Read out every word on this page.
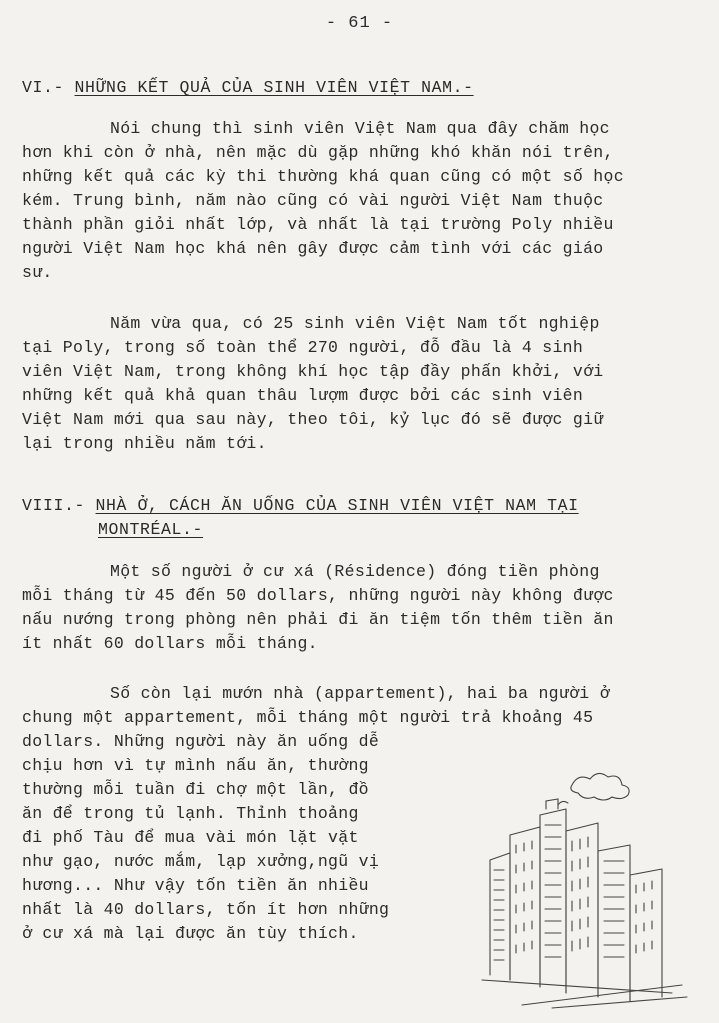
- 61 -
VI.- NHỮNG KẾT QUẢ CỦA SINH VIÊN VIỆT NAM.-
Nói chung thì sinh viên Việt Nam qua đây chăm học
hơn khi còn ở nhà, nên mặc dù gặp những khó khăn nói trên,
những kết quả các kỳ thi thường khá quan cũng có một số học
kém. Trung bình, năm nào cũng có vài người Việt Nam thuộc
thành phần giỏi nhất lớp, và nhất là tại trường Poly nhiều
người Việt Nam học khá nên gây được cảm tình với các giáo
sư.
Năm vừa qua, có 25 sinh viên Việt Nam tốt nghiệp
tại Poly, trong số toàn thể 270 người, đỗ đầu là 4 sinh
viên Việt Nam, trong không khí học tập đầy phấn khởi, với
những kết quả khả quan thâu lượm được bởi các sinh viên
Việt Nam mới qua sau này, theo tôi, kỷ lục đó sẽ được giữ
lại trong nhiều năm tới.
VIII.- NHÀ Ở, CÁCH ĂN UỐNG CỦA SINH VIÊN VIỆT NAM TẠI
MONTRÉAL.-
Một số người ở cư xá (Résidence) đóng tiền phòng
mỗi tháng từ 45 đến 50 dollars, những người này không được
nấu nướng trong phòng nên phải đi ăn tiệm tốn thêm tiền ăn
ít nhất 60 dollars mỗi tháng.
Số còn lại mướn nhà (appartement), hai ba người ở
chung một appartement, mỗi tháng một người trả khoảng 45
dollars. Những người này ăn uống dễ
chịu hơn vì tự mình nấu ăn, thường
thường mỗi tuần đi chợ một lần, đồ
ăn để trong tủ lạnh. Thỉnh thoảng
đi phố Tàu để mua vài món lặt vặt
như gạo, nước mắm, lạp xưởng,ngũ vị
hương... Như vậy tốn tiền ăn nhiều
nhất là 40 dollars, tốn ít hơn những
ở cư xá mà lại được ăn tùy thích.
